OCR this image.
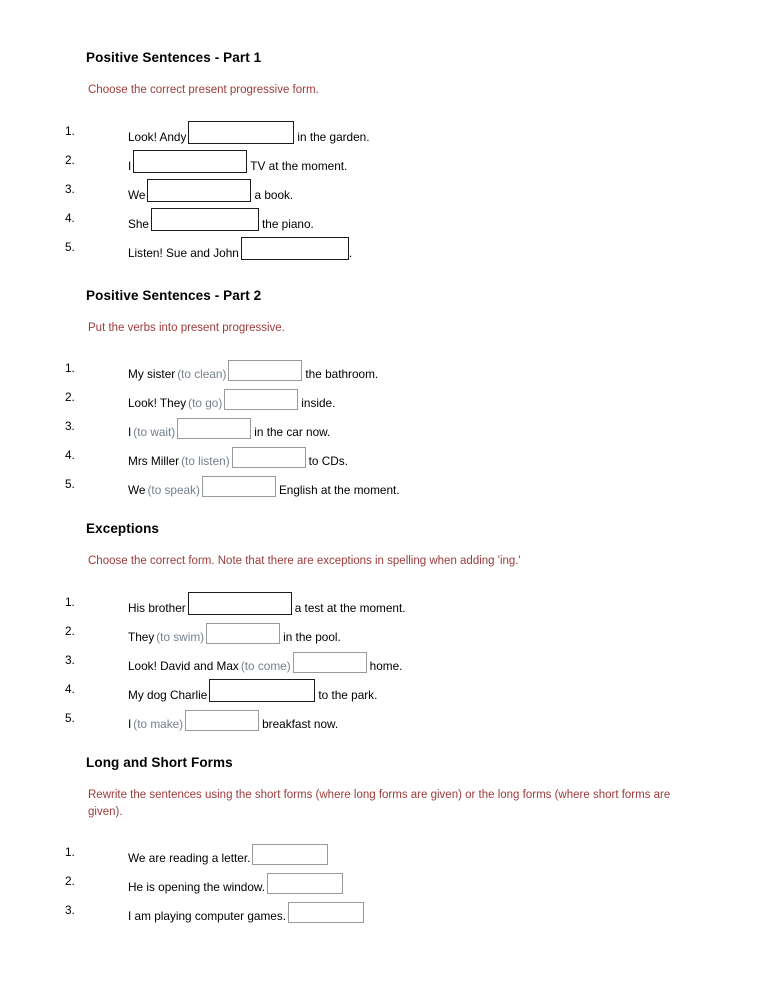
Positive Sentences - Part 1
Choose the correct present progressive form.
1.	Look! Andy	in the garden.
2.	I	TV at the moment.
3.	We	a book.
4.	She	the piano.
5.	Listen! Sue and John	.
Positive Sentences - Part 2
Put the verbs into present progressive.
1.	My sister (to clean)	the bathroom.
2.	Look! They (to go)	inside.
3.	I (to wait)	in the car now.
4.	Mrs Miller (to listen)	to CDs.
5.	We (to speak)	English at the moment.
Exceptions
Choose the correct form. Note that there are exceptions in spelling when adding 'ing.'
1.	His brother	a test at the moment.
2.	They (to swim)	in the pool.
3.	Look! David and Max (to come)	home.
4.	My dog Charlie	to the park.
5.	I (to make)	breakfast now.
Long and Short Forms
Rewrite the sentences using the short forms (where long forms are given) or the long forms (where short forms are given).
1.	We are reading a letter.
2.	He is opening the window.
3.	I am playing computer games.
